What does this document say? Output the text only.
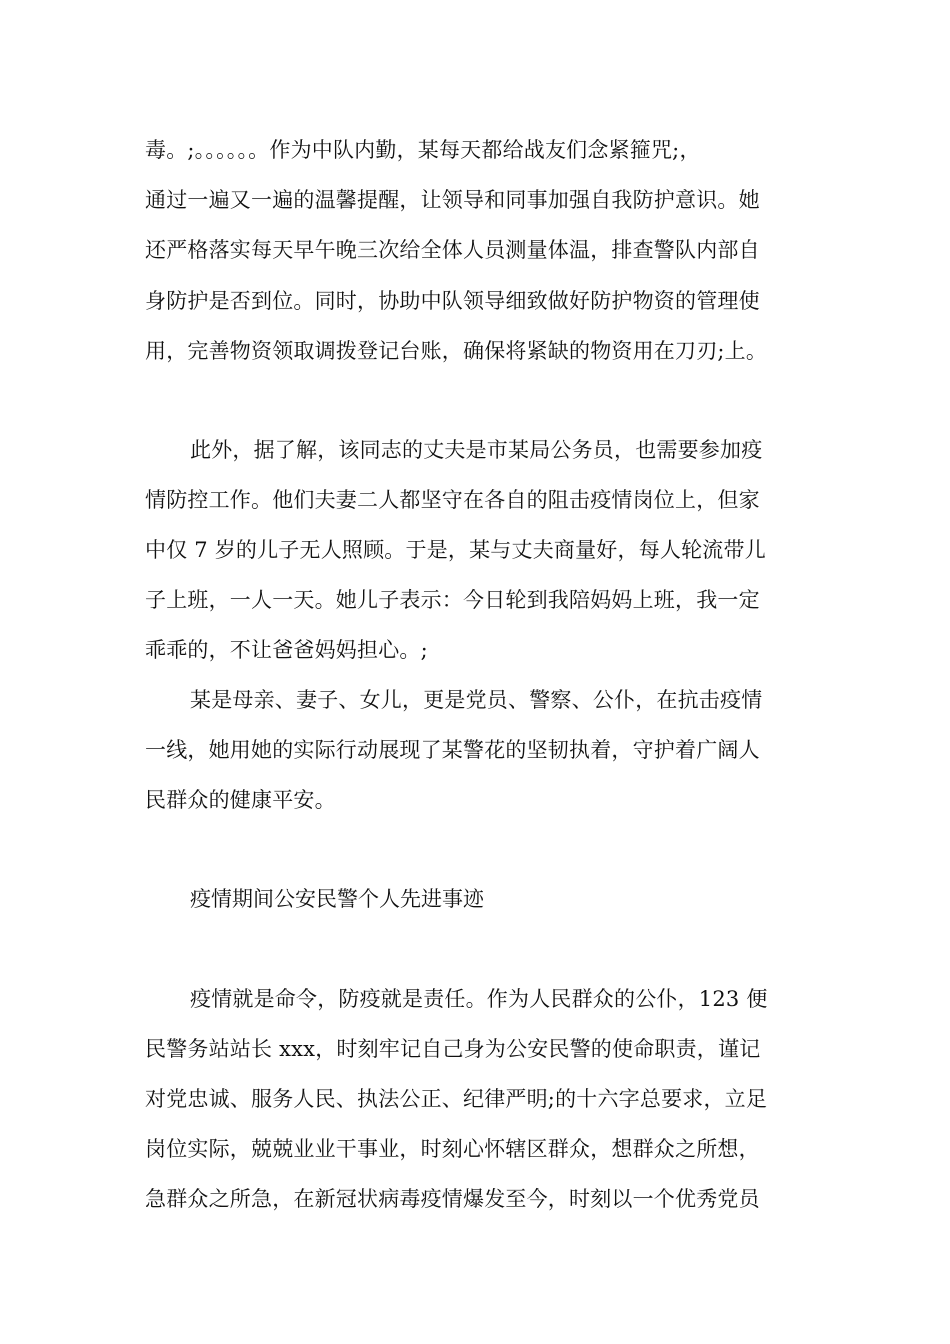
毒。;。。。。。。作为中队内勤，某每天都给战友们念紧箍咒;，
通过一遍又一遍的温馨提醒，让领导和同事加强自我防护意识。她
还严格落实每天早午晚三次给全体人员测量体温，排查警队内部自
身防护是否到位。同时，协助中队领导细致做好防护物资的管理使
用，完善物资领取调拨登记台账，确保将紧缺的物资用在刀刃;上。
此外，据了解，该同志的丈夫是市某局公务员，也需要参加疫
情防控工作。他们夫妻二人都坚守在各自的阻击疫情岗位上，但家
中仅 7 岁的儿子无人照顾。于是，某与丈夫商量好，每人轮流带儿
子上班，一人一天。她儿子表示：今日轮到我陪妈妈上班，我一定
乖乖的，不让爸爸妈妈担心。;
某是母亲、妻子、女儿，更是党员、警察、公仆，在抗击疫情
一线，她用她的实际行动展现了某警花的坚韧执着，守护着广阔人
民群众的健康平安。
疫情期间公安民警个人先进事迹
疫情就是命令，防疫就是责任。作为人民群众的公仆，123 便
民警务站站长 xxx，时刻牢记自己身为公安民警的使命职责，谨记
对党忠诚、服务人民、执法公正、纪律严明;的十六字总要求，立足
岗位实际，兢兢业业干事业，时刻心怀辖区群众，想群众之所想，
急群众之所急，在新冠状病毒疫情爆发至今，时刻以一个优秀党员
